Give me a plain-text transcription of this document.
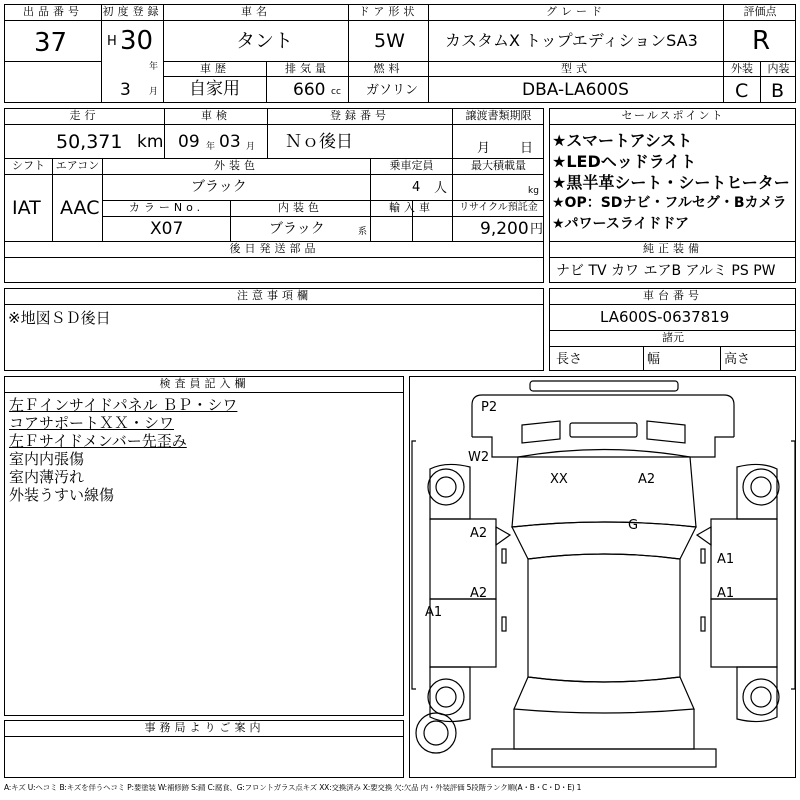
出品番号
37
初度登録
H 30
年
3 月
車名
タント
車歴
自家用
排気量
660 cc
ドア形状
5W
燃料
ガソリン
グレード
カスタムX トップエディションSA3
型式
DBA-LA600S
評価点
R
外装
C
内装
B
走行
50,371 km
車検
09 年 03 月
登録番号
Ｎｏ後日
譲渡書類期限
月 日
シフト
IAT
エアコン
AAC
外装色
ブラック
乗車定員
4 人
最大積載量
kg
カラーNo.
X07
内装色
ブラック	系
輸入車	リサイクル預託金
9,200 円
後日発送部品
セールスポイント
★スマートアシスト
★LEDヘッドライト
★黒半革シート・シートヒーター
★OP：SDナビ・フルセグ・Bカメラ
★パワースライドドア
純正装備
ナビ TV カワ エアB アルミ PS PW
注意事項欄
※地図ＳＤ後日
車台番号
LA600S-0637819
諸元
長さ	幅	高さ
検査員記入欄
左Ｆインサイドパネル ＢＰ・シワ
コアサポートＸＸ・シワ
左Ｆサイドメンバー先歪み
室内内張傷
室内薄汚れ
外装うすい線傷
事務局よりご案内
P2
W2
XX	A2
G
A2
A2
A1
A1
A1
A:キズ U:ヘコミ B:キズを伴うヘコミ P:要塗装 W:補修跡 S:錆 C:腐食、G:フロントガラス点キズ XX:交換済み X:要交換 欠:欠品 内・外装評価 5段階ランク順(A・B・C・D・E) 1
